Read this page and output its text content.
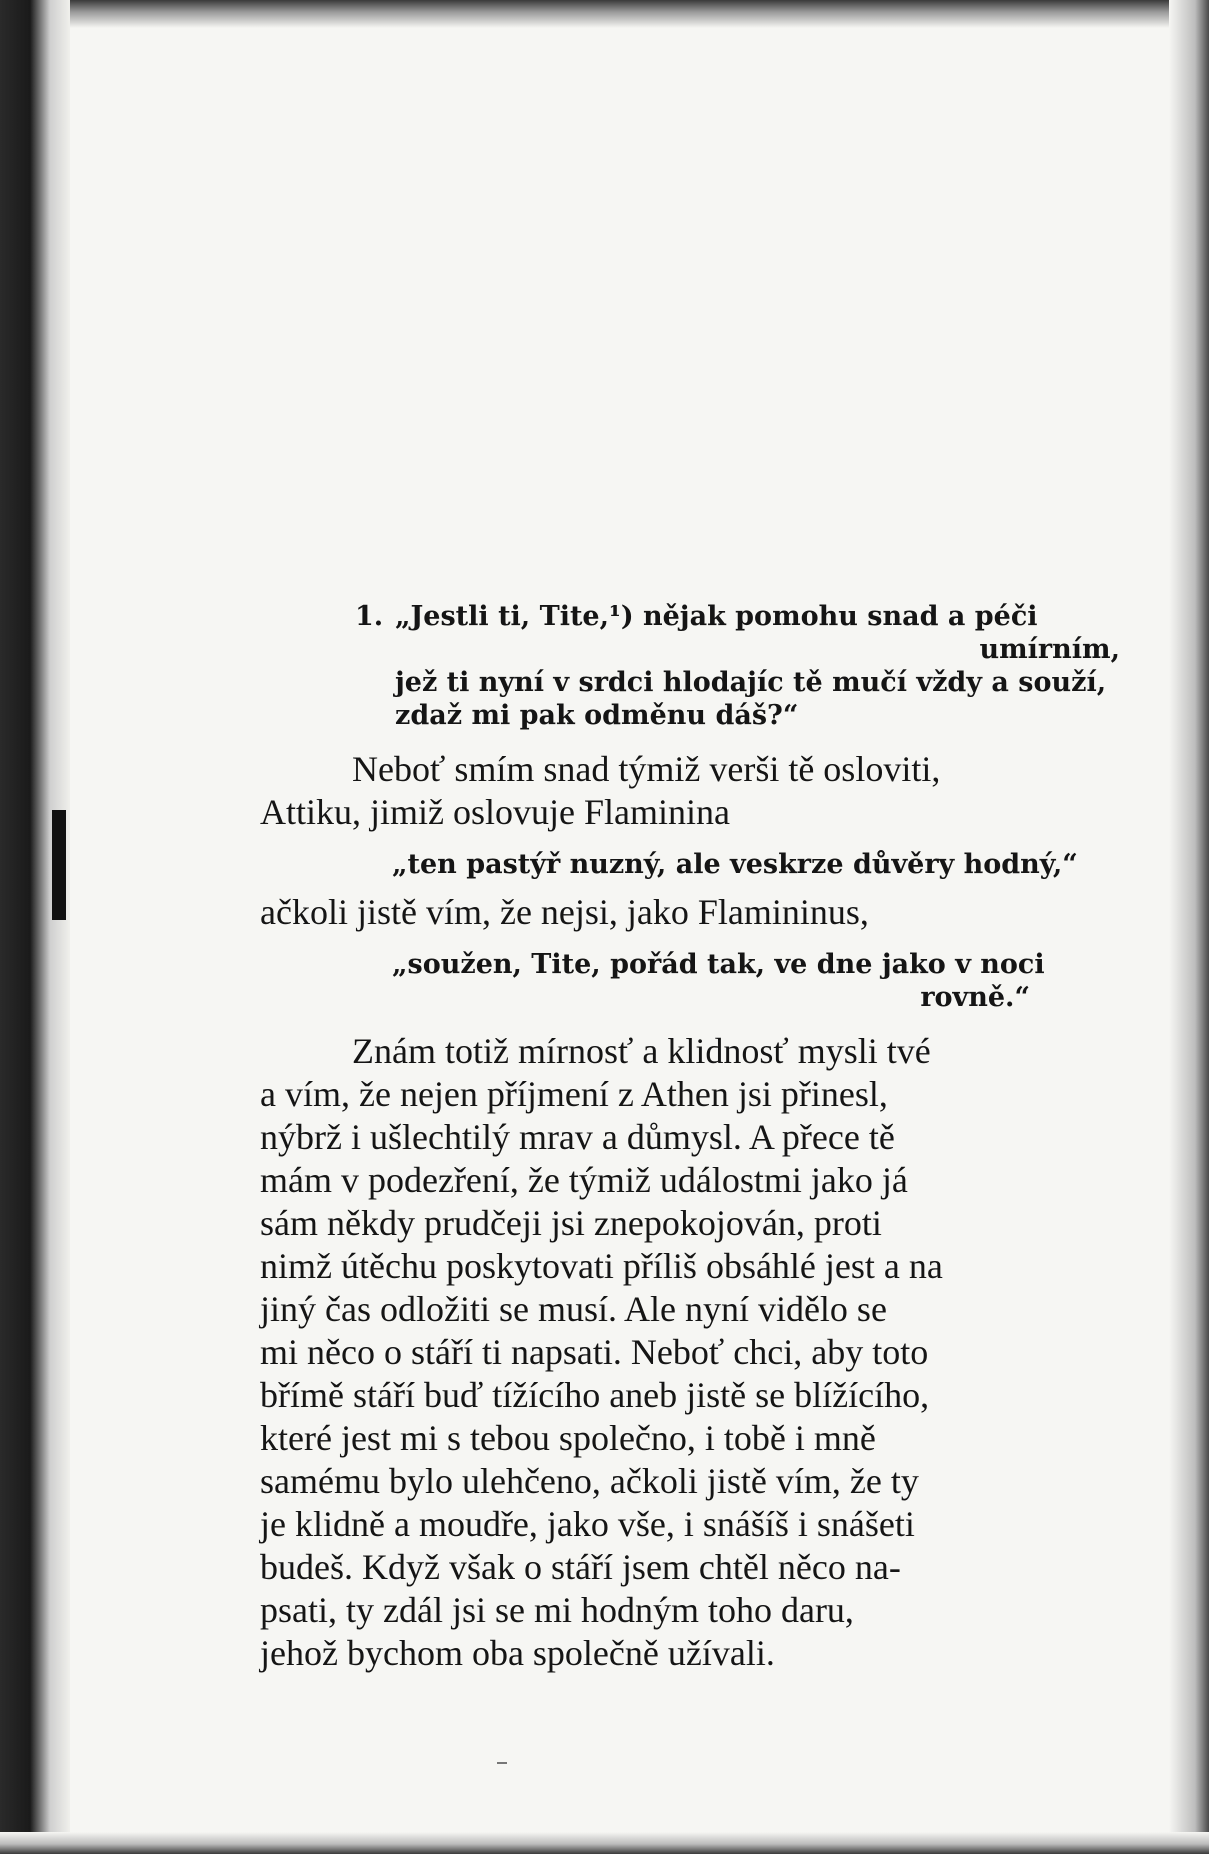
1. „Jestli ti, Tite,¹) nějak pomohu snad a péči
umírním,
jež ti nyní v srdci hlodajíc tě mučí vždy a souží,
zdaž mi pak odměnu dáš?“
Neboť smím snad týmiž verši tě osloviti,
Attiku, jimiž oslovuje Flaminina
„ten pastýř nuzný, ale veskrze důvěry hodný,“
ačkoli jistě vím, že nejsi, jako Flamininus,
„soužen, Tite, pořád tak, ve dne jako v noci
rovně.“
Znám totiž mírnosť a klidnosť mysli tvé
a vím, že nejen příjmení z Athen jsi přinesl,
nýbrž i ušlechtilý mrav a důmysl. A přece tě
mám v podezření, že týmiž událostmi jako já
sám někdy prudčeji jsi znepokojován, proti
nimž útěchu poskytovati příliš obsáhlé jest a na
jiný čas odložiti se musí. Ale nyní vidělo se
mi něco o stáří ti napsati. Neboť chci, aby toto
břímě stáří buď tížícího aneb jistě se blížícího,
které jest mi s tebou společno, i tobě i mně
samému bylo ulehčeno, ačkoli jistě vím, že ty
je klidně a moudře, jako vše, i snášíš i snášeti
budeš. Když však o stáří jsem chtěl něco na-
psati, ty zdál jsi se mi hodným toho daru,
jehož bychom oba společně užívali.
